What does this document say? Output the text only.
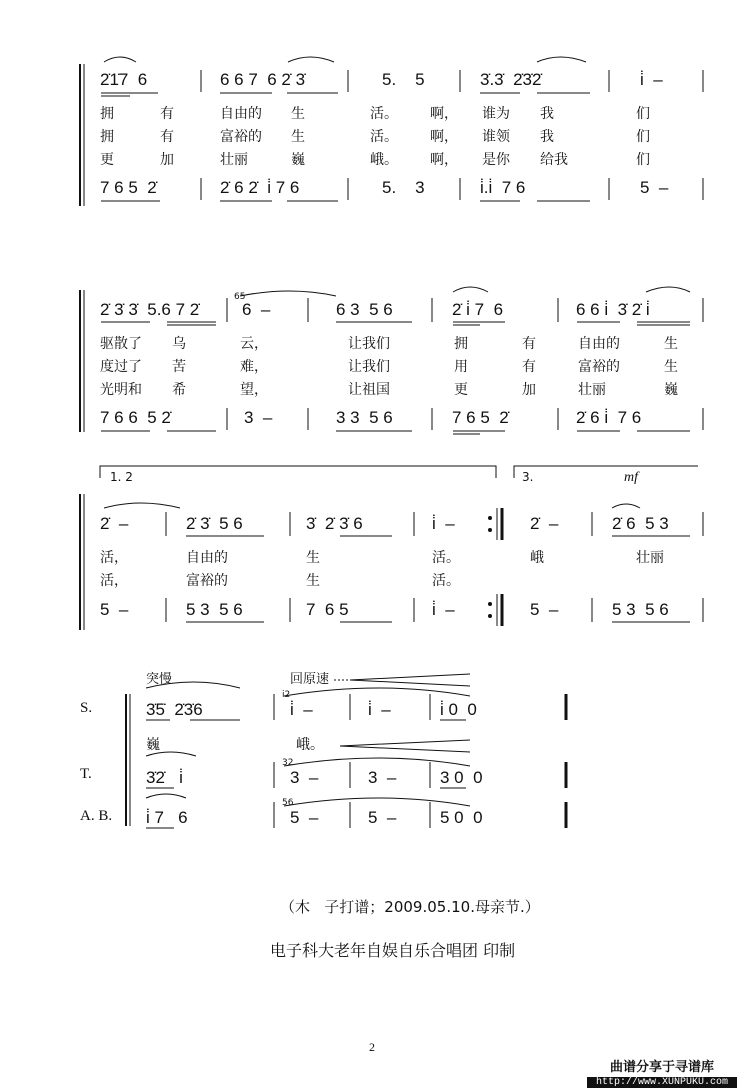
2̇1̇7  6	6 6 7  6 2̇ 3̇	5.    5	3̇.3̇  2̇3̇2̇	i̇  –
拥	有	自由的 生	活。 啊， 谁为 我	们
拥	有	富裕的 生	活。 啊， 谁领 我	们
更	加	壮丽	巍	峨。 啊， 是你 给我	们
7 6 5  2̇	2̇ 6 2̇  i̇ 7 6	5.    3	i̇.i̇  7 6	5  –
2̇ 3̇ 3̇  5.6 7 2̇
65
6  –	6 3  5 6	2̇ i̇ 7  6	6 6 i̇  3̇ 2̇ i̇
驱散了 乌	云，	让我们	拥	有	自由的	生
度过了 苦	难，	让我们	用	有	富裕的	生
光明和 希	望，	让祖国	更	加	壮丽	巍
7 6 6  5 2̇	3  –	3 3  5 6	7 6 5  2̇	2̇ 6 i̇  7 6
1. 2	3.	mf
2̇  –	2̇ 3̇  5 6	3̇  2̇ 3̇ 6	i̇  –	2̇  –	2̇ 6  5 3
活，	自由的	生	活。	峨	壮丽
活，	富裕的	生	活。
5  –	5 3  5 6	7  6 5	i̇  –	5  –	5 3  5 6
突慢	回原速
S.	3̇5̇  2̇3̇6
i2
i̇  –	i̇  –	i̇ 0  0
巍	峨。
T.	3̇2̇   i̇
32
3  –	3  –	3 0  0
A. B. i̇ 7   6
56
5  –	5  –	5 0  0
（木   子打谱；2009.05.10.母亲节.）
电子科大老年自娱自乐合唱团 印制
2
曲谱分享于寻谱库
http://www.XUNPUKU.com
